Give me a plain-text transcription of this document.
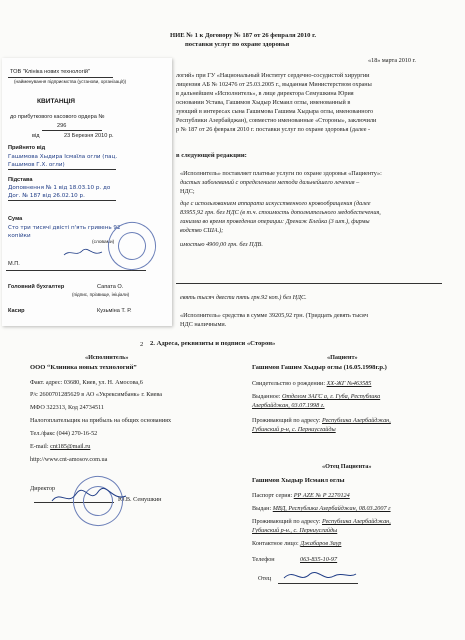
НИЕ № 1 к Договору № 187 от 26 февраля 2010 г.
поставки услуг по охране здоровья
«18» марта 2010 г.
логий» при ГУ «Национальный Институт сердечно-сосудистой хирургии
лицензия АБ № 102476 от 25.03.2005 г., выданная Министерством охраны
в дальнейшем «Исполнитель», в лице директора Семушкина Юрия
основании Устава, Гашимов Хыдыр Исмаил оглы, именованный в
зующий в интересах сына Гашимова Гашима Хыдыра оглы, именованного
Республики Азербайджан), совместно именованные «Стороны», заключили
р № 187 от 26 февраля 2010 г. поставки услуг по охране здоровья (далее -
в следующей редакции:
«Исполнитель» поставляет платные услуги по охране здоровья «Пациенту»:
дистых заболеваний с определением метода дальнейшего лечения –
НДС;
дце с использованием аппарата искусственного кровообращения (далее
83955,92 грн. без НДС (в т.ч. стоимость дополнительного медобеспечения,
ганизма во время проведения операции: Дренаж Блейка (3 шт.), фирмы
водство США.);
имостью 4900,00 грн. без ПДВ.
евять тысяч двести пять грн.92 коп.) без НДС.
«Исполнитель» средства в сумме 39205,92 грн. (Тридцать девять тысяч
НДС наличными.
2. Адреса, реквизиты и подписи «Сторон»
«Исполнитель»
ООО “Клиника новых технологий”
Факт. адрес: 03680, Киев, ул. Н. Амосова,6
Р/с 2600701285629 в АО «Укрексимбанк» г. Киева
МФО 322313, Код 24734511
Налогоплательщик на прибыль на общих основаниях
Тел./факс (044) 270-16-52
E-mail: cnt185@mail.ru
http://www.cnt-amosov.com.ua
Директор
Ю.В. Семушкин
«Пациент»
Гашимов Гашим Хыдыр оглы (16.05.1998г.р.)
Свидетельство о рождении: XX-ЖГ №463585
Выданное: Отделом ЗАГС а, г. Губа, Республика
Азербайджан, 03.07.1998 г.
Проживающий по адресу: Республика Азербайджан,
Губинский р-н, с. Перниусгайды
«Отец Пациента»
Гашимов Хыдыр Исмаил оглы
Паспорт серия: РР AZE № Р 2270124
Выдан: МВД, Республика Азербайджан, 08.03.2007 г
Проживающий по адресу: Республика Азербайджан,
Губинский р-н., с. Перниусгайды
Контактное лицо: Джабаров Заур
Телефон	063-835-10-97
Отец
ТОВ "Клініка нових технологій"
(найменування підприємства (установи, організації))
КВИТАНЦІЯ
до прибуткового касового ордера №
296
від	23 Березня 2010 р.
Прийнято від
Гашимова Хыдира Ісмаїла огли (пац.
Гашимов Г.Х. огли)
Підстава
Доповнення № 1 від 18.03.10 р. до
Дог. № 187 від 26.02.10 р.
Сума
Сто три тисячі двісті п'ять гривень 92
копійки
(словами)
М.П.
Головний бухгалтер	Сапата О.
(підпис, прізвище, ініціали)
Касир	Кузьміна Т. Р.
2
